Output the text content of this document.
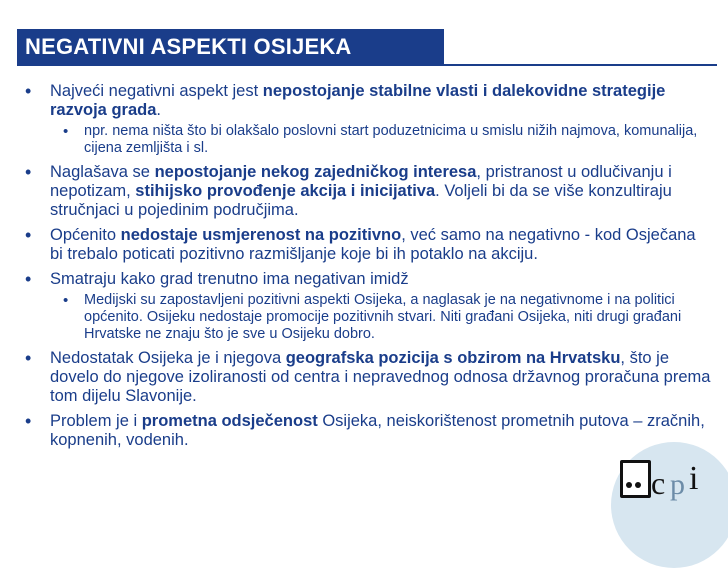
NEGATIVNI ASPEKTI OSIJEKA
• Najveći negativni aspekt jest nepostojanje stabilne vlasti i dalekovidne strategije razvoja grada.
• npr. nema ništa što bi olakšalo poslovni start poduzetnicima u smislu nižih najmova, komunalija, cijena zemljišta i sl.
• Naglašava se nepostojanje nekog zajedničkog interesa, pristranost u odlučivanju i nepotizam, stihijsko provođenje akcija i inicijativa. Voljeli bi da se više konzultiraju stručnjaci u pojedinim područjima.
• Općenito nedostaje usmjerenost na pozitivno, već samo na negativno - kod Osječana bi trebalo poticati pozitivno razmišljanje koje bi ih potaklo na akciju.
• Smatraju kako grad trenutno ima negativan imidž
• Medijski su zapostavljeni pozitivni aspekti Osijeka, a naglasak je na negativnome i na politici općenito. Osijeku nedostaje promocije pozitivnih stvari. Niti građani Osijeka, niti drugi građani Hrvatske ne znaju što je sve u Osijeku dobro.
• Nedostatak Osijeka je i njegova geografska pozicija s obzirom na Hrvatsku, što je dovelo do njegove izoliranosti od centra i nepravednog odnosa državnog proračuna prema tom dijelu Slavonije.
• Problem je i prometna odsječenost Osijeka, neiskorištenost prometnih putova – zračnih, kopnenih, vodenih.
c p i
